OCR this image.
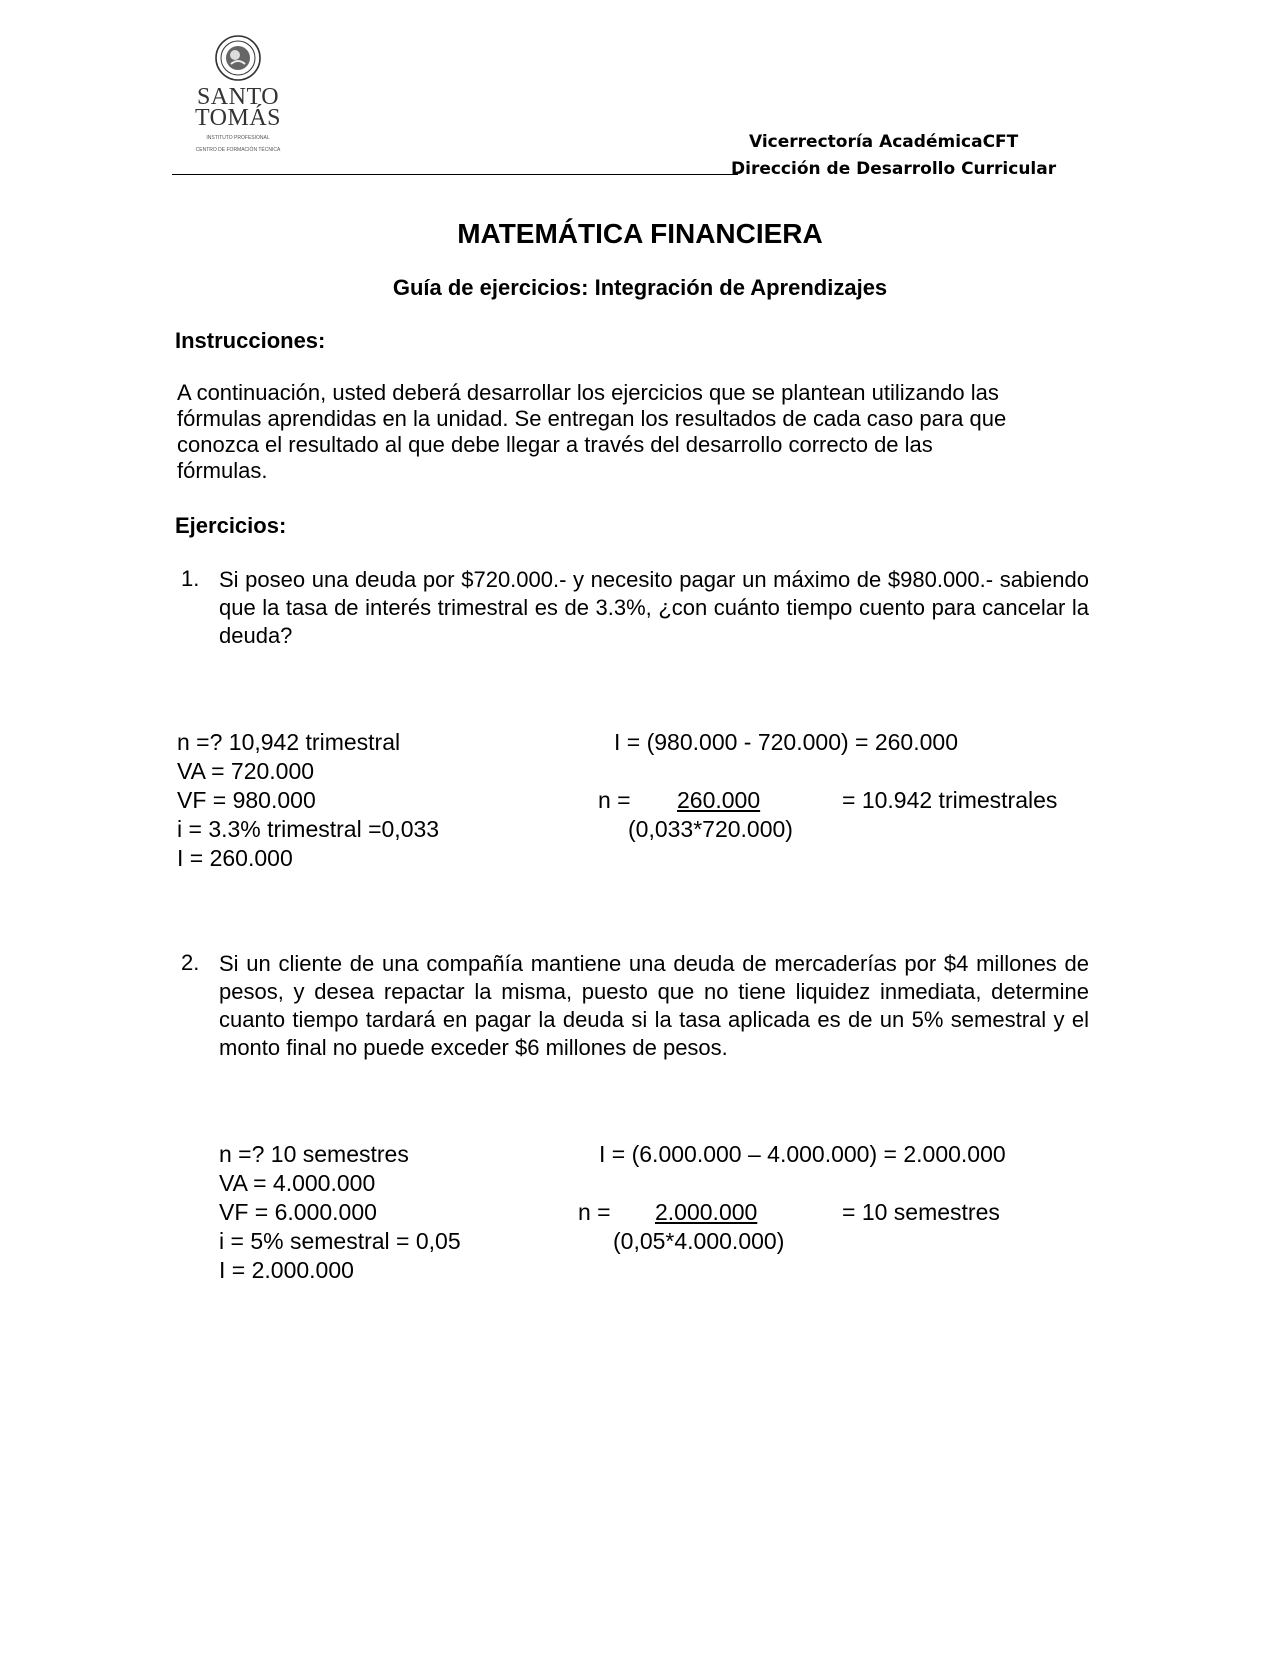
SANTO
TOMÁS
INSTITUTO PROFESIONAL
CENTRO DE FORMACIÓN TÉCNICA	Vicerrectoría AcadémicaCFT
Dirección de Desarrollo Curricular
MATEMÁTICA FINANCIERA
Guía de ejercicios: Integración de Aprendizajes
Instrucciones:
A continuación, usted deberá desarrollar los ejercicios que se plantean utilizando las
fórmulas aprendidas en la unidad. Se entregan los resultados de cada caso para que
conozca el resultado al que debe llegar a través del desarrollo correcto de las
fórmulas.
Ejercicios:
1. Si poseo una deuda por $720.000.- y necesito pagar un máximo de $980.000.- sabiendo que la tasa de interés trimestral es de 3.3%, ¿con cuánto tiempo cuento para cancelar la deuda?
n =? 10,942 trimestral
VA = 720.000
VF = 980.000
i = 3.3% trimestral =0,033
I = 260.000
I = (980.000 - 720.000) = 260.000
n = 260.000	= 10.942 trimestrales
(0,033*720.000)
2. Si un cliente de una compañía mantiene una deuda de mercaderías por $4 millones de pesos, y desea repactar la misma, puesto que no tiene liquidez inmediata, determine cuanto tiempo tardará en pagar la deuda si la tasa aplicada es de un 5% semestral y el monto final no puede exceder $6 millones de pesos.
n =? 10 semestres
VA = 4.000.000
VF = 6.000.000
i = 5% semestral = 0,05
I = 2.000.000
I = (6.000.000 – 4.000.000) = 2.000.000
n = 2.000.000	= 10 semestres
(0,05*4.000.000)
